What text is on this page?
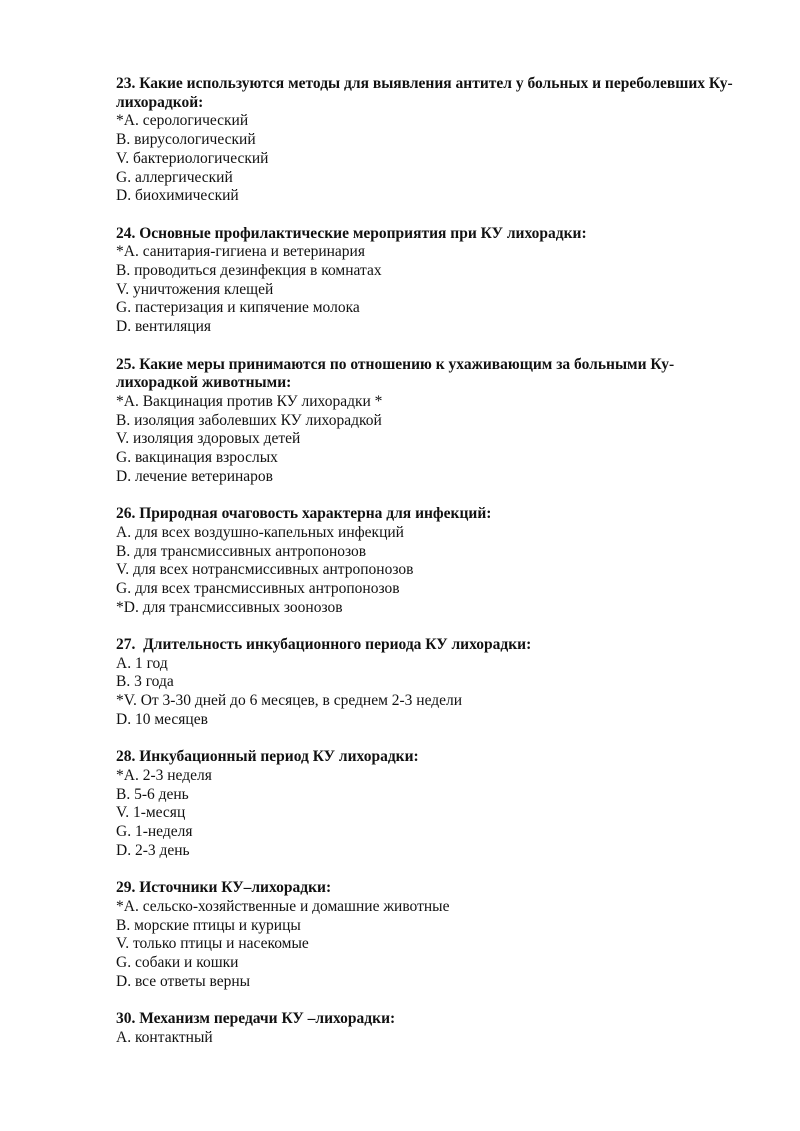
23. Какие используются методы для выявления антител у больных и переболевших Ку-лихорадкой:

*А. серологический

B. вирусологический

V. бактериологический

G. аллергический

D. биохимический

24. Основные профилактические мероприятия при КУ лихорадки:

*А. санитария-гигиена и ветеринария

B. проводиться дезинфекция в комнатах

V. уничтожения клещей

G. пастеризация и кипячение молока

D. вентиляция

25. Какие меры принимаются по отношению к ухаживающим за больными Ку-лихорадкой животными:

*А. Вакцинация против КУ лихорадки *

B. изоляция заболевших КУ лихорадкой

V. изоляция здоровых детей

G. вакцинация взрослых

D. лечение ветеринаров

26. Природная очаговость характерна для инфекций:

A. для всех воздушно-капельных инфекций

B. для трансмиссивных антропонозов

V. для всех нотрансмиссивных антропонозов

G. для всех трансмиссивных антропонозов

*D. для трансмиссивных зоонозов

27.  Длительность инкубационного периода КУ лихорадки:

A. 1 год

B. 3 года

*V. От 3-30 дней до 6 месяцев, в среднем 2-3 недели

D. 10 месяцев

28. Инкубационный период КУ лихорадки:

*А. 2-3 неделя

B. 5-6 день

V. 1-месяц

G. 1-неделя

D. 2-3 день

29. Источники КУ–лихорадки:

*А. сельско-хозяйственные и домашние животные

B. морские птицы и курицы

V. только птицы и насекомые

G. собаки и кошки

D. все ответы верны

30. Механизм передачи КУ –лихорадки:

A. контактный
